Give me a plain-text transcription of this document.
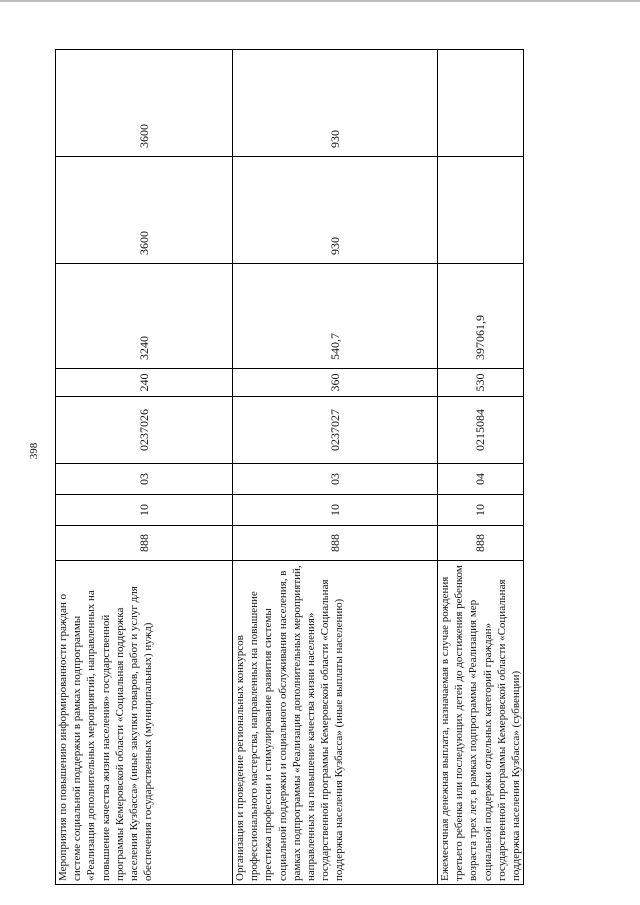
398
Мероприятия по повышению информированности граждан о системе социальной поддержки в рамках подпрограммы «Реализация дополнительных мероприятий, направленных на повышение качества жизни населения» государственной программы Кемеровской области «Социальная поддержка населения Кузбасса» (иные закупки товаров, работ и услуг для обеспечения государственных (муниципальных) нужд)	888	10	03	0237026	240	3240	3600	3600
Организация и проведение региональных конкурсов профессионального мастерства, направленных на повышение престижа профессии и стимулирование развития системы социальной поддержки и социального обслуживания населения, в рамках подпрограммы «Реализация дополнительных мероприятий, направленных на повышение качества жизни населения» государственной программы Кемеровской области «Социальная поддержка населения Кузбасса» (иные выплаты населению)	888	10	03	0237027	360	540,7	930	930
Ежемесячная денежная выплата, назначаемая в случае рождения третьего ребенка или последующих детей до достижения ребенком возраста трех лет, в рамках подпрограммы «Реализация мер социальной поддержки отдельных категорий граждан» государственной программы Кемеровской области «Социальная поддержка населения Кузбасса» (субвенции)	888	10	04	0215084	530	397061,9		
